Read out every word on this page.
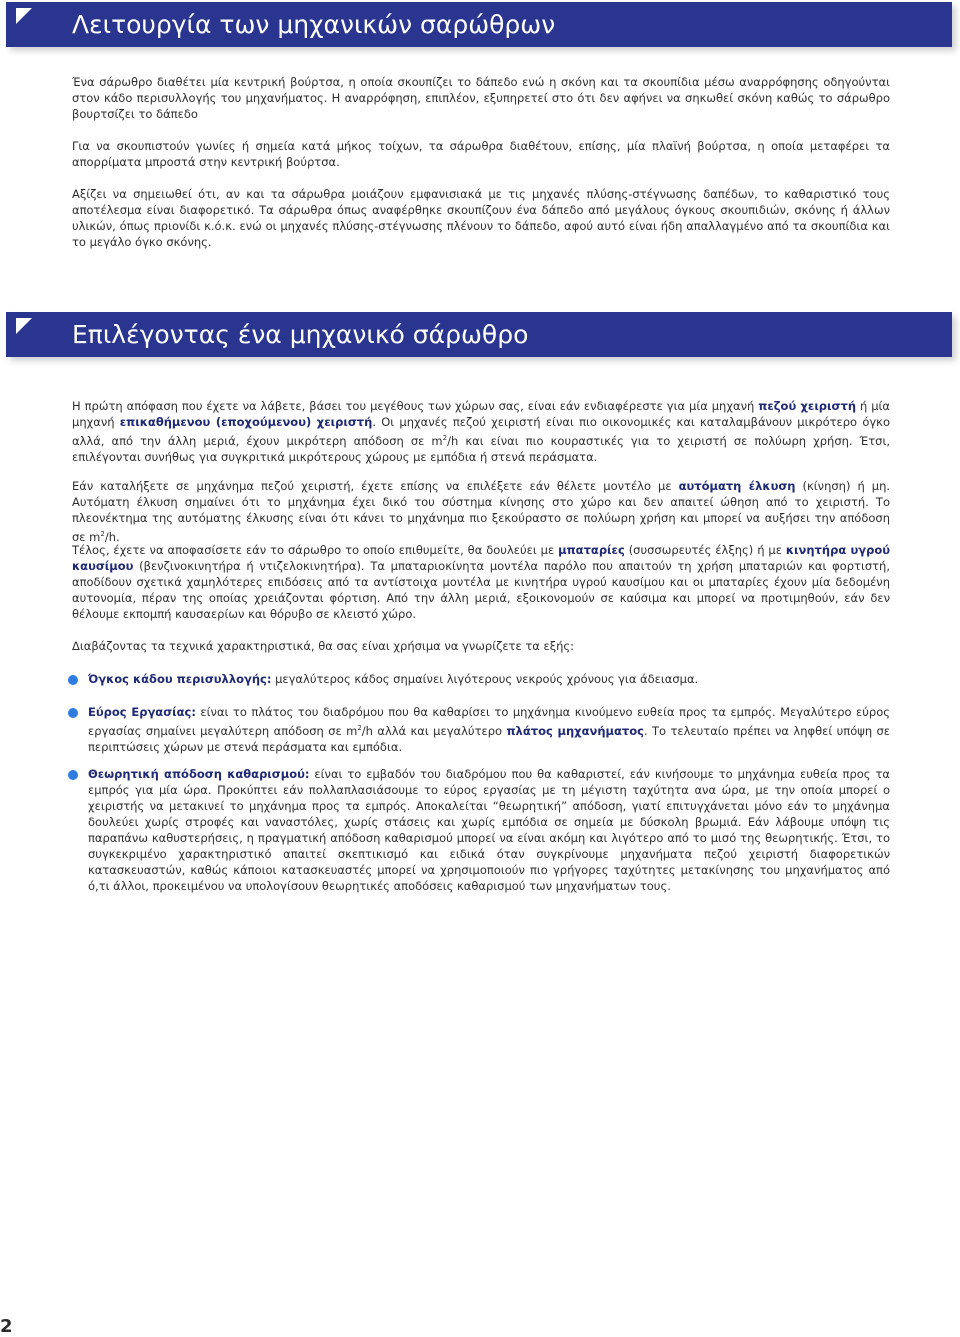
Λειτουργία των μηχανικών σαρώθρων

Ένα σάρωθρο διαθέτει μία κεντρική βούρτσα, η οποία σκουπίζει το δάπεδο ενώ η σκόνη και τα σκουπίδια μέσω αναρρόφησης οδηγούνται στον κάδο περισυλλογής του μηχανήματος. Η αναρρόφηση, επιπλέον, εξυπηρετεί στο ότι δεν αφήνει να σηκωθεί σκόνη καθώς το σάρωθρο βουρτσίζει το δάπεδο

Για να σκουπιστούν γωνίες ή σημεία κατά μήκος τοίχων, τα σάρωθρα διαθέτουν, επίσης, μία πλαϊνή βούρτσα, η οποία μεταφέρει τα απορρίματα μπροστά στην κεντρική βούρτσα.

Αξίζει να σημειωθεί ότι, αν και τα σάρωθρα μοιάζουν εμφανισιακά με τις μηχανές πλύσης-στέγνωσης δαπέδων, το καθαριστικό τους αποτέλεσμα είναι διαφορετικό. Τα σάρωθρα όπως αναφέρθηκε σκουπίζουν ένα δάπεδο από μεγάλους όγκους σκουπιδιών, σκόνης ή άλλων υλικών, όπως πριονίδι κ.ό.κ. ενώ οι μηχανές πλύσης-στέγνωσης πλένουν το δάπεδο, αφού αυτό είναι ήδη απαλλαγμένο από τα σκουπίδια και το μεγάλο όγκο σκόνης.

Επιλέγοντας ένα μηχανικό σάρωθρο

Η πρώτη απόφαση που έχετε να λάβετε, βάσει του μεγέθους των χώρων σας, είναι εάν ενδιαφέρεστε για μία μηχανή πεζού χειριστή ή μία μηχανή επικαθήμενου (εποχούμενου) χειριστή. Οι μηχανές πεζού χειριστή είναι πιο οικονομικές και καταλαμβάνουν μικρότερο όγκο αλλά, από την άλλη μεριά, έχουν μικρότερη απόδοση σε $m^2/h$ και είναι πιο κουραστικές για το χειριστή σε πολύωρη χρήση. Έτσι, επιλέγονται συνήθως για συγκριτικά μικρότερους χώρους με εμπόδια ή στενά περάσματα.

Εάν καταλήξετε σε μηχάνημα πεζού χειριστή, έχετε επίσης να επιλέξετε εάν θέλετε μοντέλο με αυτόματη έλκυση (κίνηση) ή μη. Αυτόματη έλκυση σημαίνει ότι το μηχάνημα έχει δικό του σύστημα κίνησης στο χώρο και δεν απαιτεί ώθηση από το χειριστή. Το πλεονέκτημα της αυτόματης έλκυσης είναι ότι κάνει το μηχάνημα πιο ξεκούραστο σε πολύωρη χρήση και μπορεί να αυξήσει την απόδοση σε $m^2/h$.

Τέλος, έχετε να αποφασίσετε εάν το σάρωθρο το οποίο επιθυμείτε, θα δουλεύει με μπαταρίες (συσσωρευτές έλξης) ή με κινητήρα υγρού καυσίμου (βενζινοκινητήρα ή ντιζελοκινητήρα). Τα μπαταριοκίνητα μοντέλα παρόλο που απαιτούν τη χρήση μπαταριών και φορτιστή, αποδίδουν σχετικά χαμηλότερες επιδόσεις από τα αντίστοιχα μοντέλα με κινητήρα υγρού καυσίμου και οι μπαταρίες έχουν μία δεδομένη αυτονομία, πέραν της οποίας χρειάζονται φόρτιση. Από την άλλη μεριά, εξοικονομούν σε καύσιμα και μπορεί να προτιμηθούν, εάν δεν θέλουμε εκπομπή καυσαερίων και θόρυβο σε κλειστό χώρο.

Διαβάζοντας τα τεχνικά χαρακτηριστικά, θα σας είναι χρήσιμα να γνωρίζετε τα εξής:

Όγκος κάδου περισυλλογής: μεγαλύτερος κάδος σημαίνει λιγότερους νεκρούς χρόνους για άδειασμα.

Εύρος Εργασίας: είναι το πλάτος του διαδρόμου που θα καθαρίσει το μηχάνημα κινούμενο ευθεία προς τα εμπρός. Μεγαλύτερο εύρος εργασίας σημαίνει μεγαλύτερη απόδοση σε $m^2/h$ αλλά και μεγαλύτερο πλάτος μηχανήματος. Το τελευταίο πρέπει να ληφθεί υπόψη σε περιπτώσεις χώρων με στενά περάσματα και εμπόδια.

Θεωρητική απόδοση καθαρισμού: είναι το εμβαδόν του διαδρόμου που θα καθαριστεί, εάν κινήσουμε το μηχάνημα ευθεία προς τα εμπρός για μία ώρα. Προκύπτει εάν πολλαπλασιάσουμε το εύρος εργασίας με τη μέγιστη ταχύτητα ανα ώρα, με την οποία μπορεί ο χειριστής να μετακινεί το μηχάνημα προς τα εμπρός. Αποκαλείται “θεωρητική” απόδοση, γιατί επιτυγχάνεται μόνο εάν το μηχάνημα δουλεύει χωρίς στροφές και ναναστόλες, χωρίς στάσεις και χωρίς εμπόδια σε σημεία με δύσκολη βρωμιά. Εάν λάβουμε υπόψη τις παραπάνω καθυστερήσεις, η πραγματική απόδοση καθαρισμού μπορεί να είναι ακόμη και λιγότερο από το μισό της θεωρητικής. Έτσι, το συγκεκριμένο χαρακτηριστικό απαιτεί σκεπτικισμό και ειδικά όταν συγκρίνουμε μηχανήματα πεζού χειριστή διαφορετικών κατασκευαστών, καθώς κάποιοι κατασκευαστές μπορεί να χρησιμοποιούν πιο γρήγορες ταχύτητες μετακίνησης του μηχανήματος από ό,τι άλλοι, προκειμένου να υπολογίσουν θεωρητικές αποδόσεις καθαρισμού των μηχανήματων τους.

2
